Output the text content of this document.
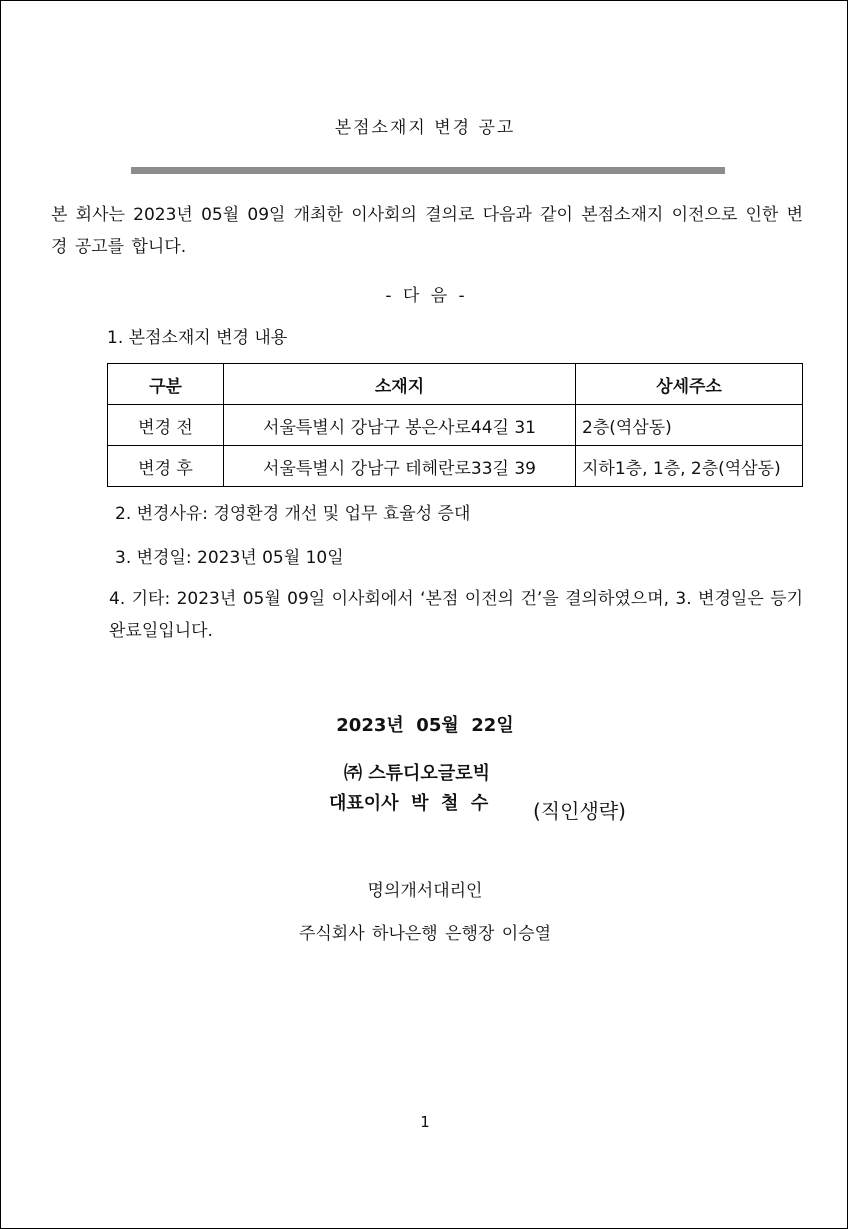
본점소재지 변경 공고
본 회사는 2023년 05월 09일 개최한 이사회의 결의로 다음과 같이 본점소재지 이전으로 인한 변경 공고를 합니다.
- 다 음 -
1. 본점소재지 변경 내용
구분	소재지	상세주소
변경 전	서울특별시 강남구 봉은사로44길 31	2층(역삼동)
변경 후	서울특별시 강남구 테헤란로33길 39	지하1층, 1층, 2층(역삼동)
2. 변경사유: 경영환경 개선 및 업무 효율성 증대
3. 변경일: 2023년 05월 10일
4. 기타: 2023년 05월 09일 이사회에서 ‘본점 이전의 건’을 결의하였으며, 3. 변경일은 등기완료일입니다.
2023년  05월  22일
㈜ 스튜디오글로빅
대표이사  박  철  수 (직인생략)
명의개서대리인
주식회사 하나은행 은행장 이승열
1
